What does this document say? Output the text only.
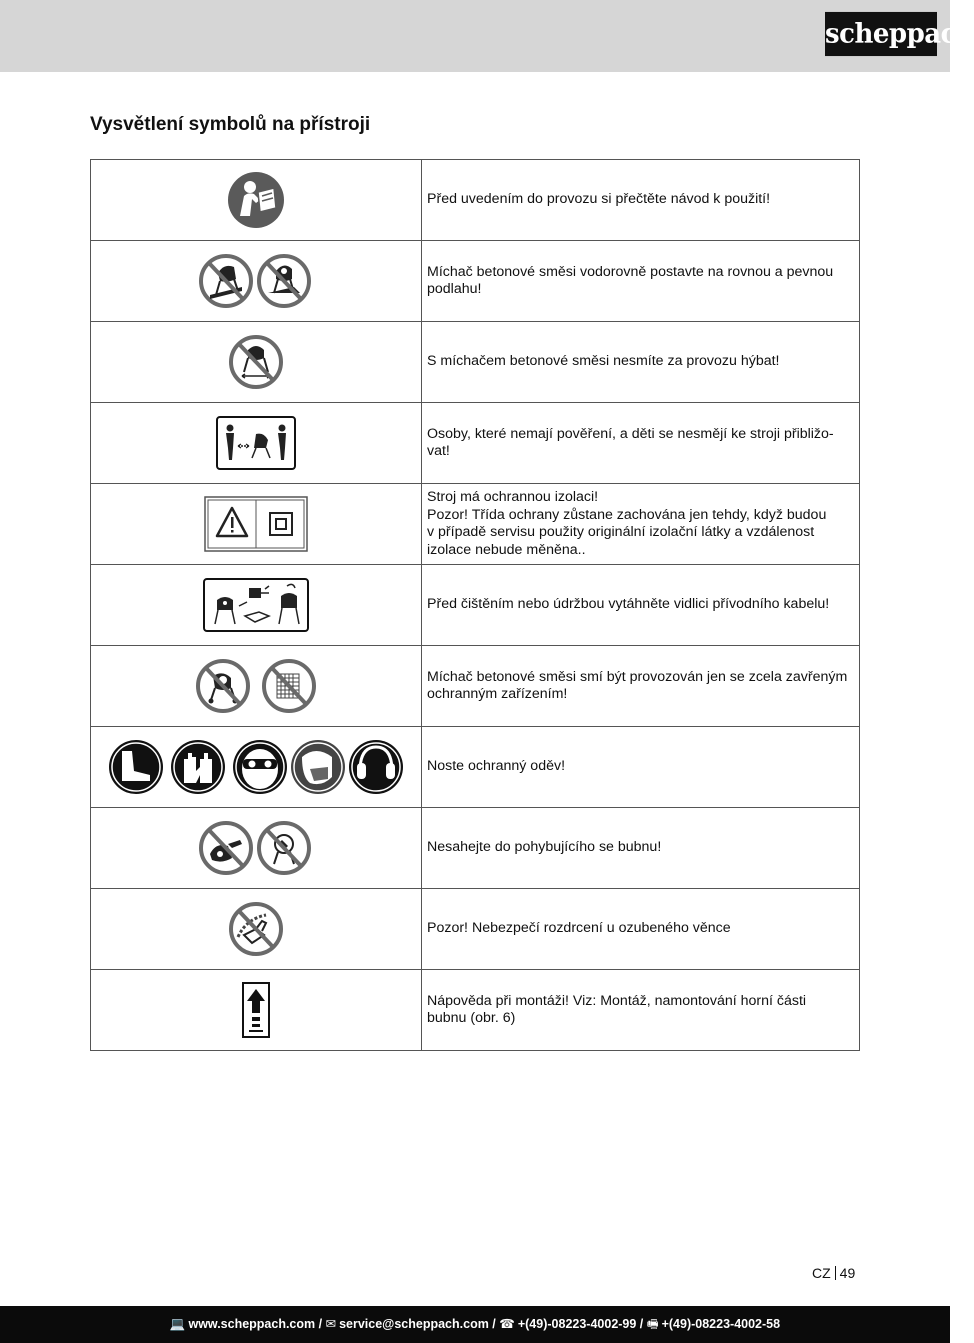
scheppach
Vysvětlení symbolů na přístroji

Před uvedením do provozu si přečtěte návod k použití!

Míchač betonové směsi vodorovně postavte na rovnou a pevnou podlahu!

S míchačem betonové směsi nesmíte za provozu hýbat!

Osoby, které nemají pověření, a děti se nesmějí ke stroji přibližo-
vat!

Stroj má ochrannou izolaci!
Pozor! Třída ochrany zůstane zachována jen tehdy, když budou
v případě servisu použity originální izolační látky a vzdálenost
izolace nebude měněna..

Před čištěním nebo údržbou vytáhněte vidlici přívodního kabelu!

Míchač betonové směsi smí být provozován jen se zcela zavřeným
ochranným zařízením!

Noste ochranný oděv!

Nesahejte do pohybujícího se bubnu!

Pozor! Nebezpečí rozdrcení u ozubeného věnce

Nápověda při montáži! Viz: Montáž, namontování horní části
bubnu (obr. 6)
CZ 49
💻 www.scheppach.com / ✉ service@scheppach.com / ☎ +(49)-08223-4002-99 / 🖷 +(49)-08223-4002-58
